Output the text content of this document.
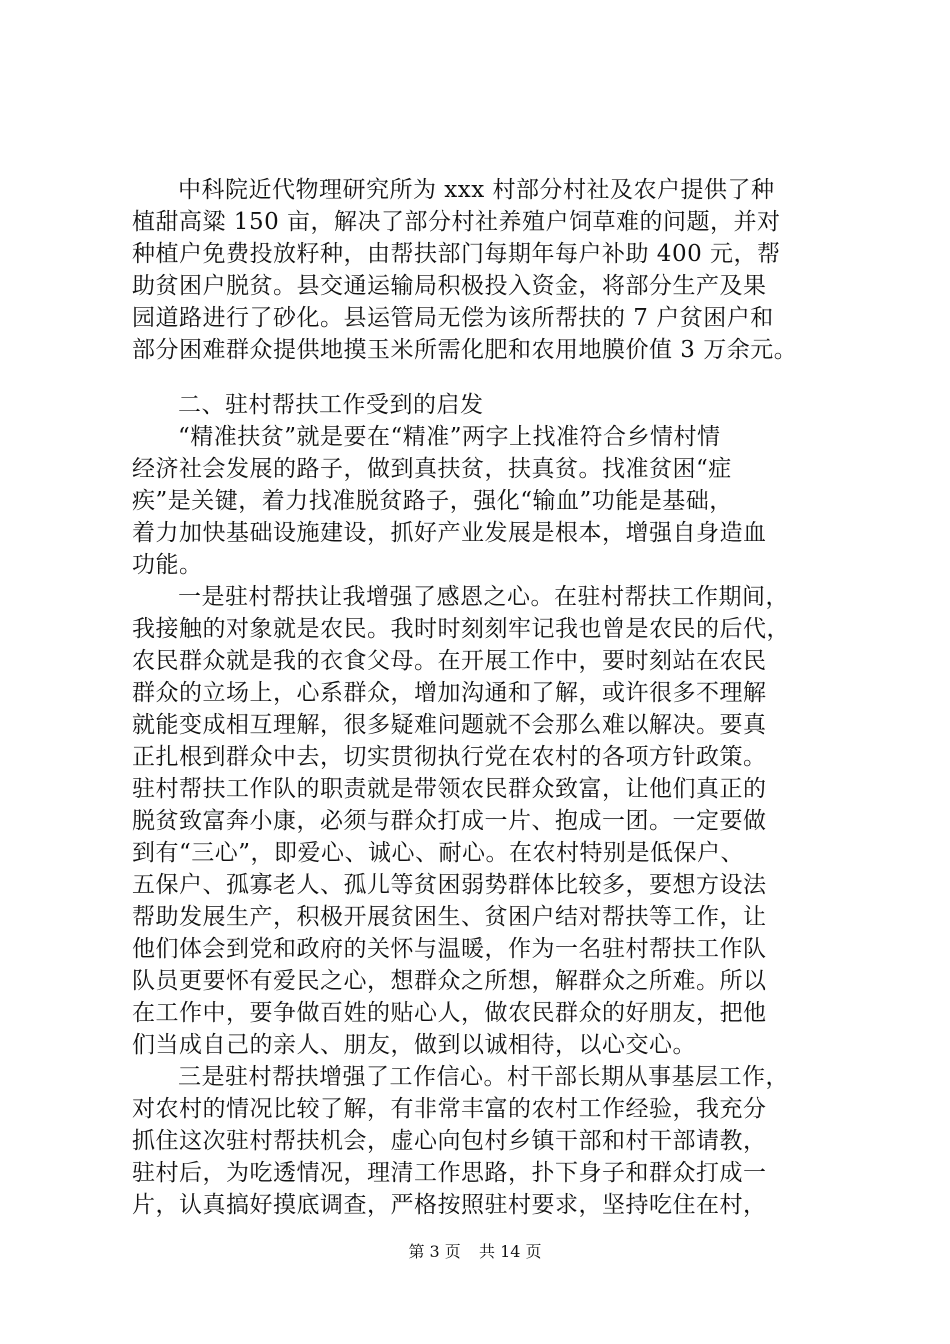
中科院近代物理研究所为 xxx 村部分村社及农户提供了种
植甜高粱 150 亩，解决了部分村社养殖户饲草难的问题，并对
种植户免费投放籽种，由帮扶部门每期年每户补助 400 元，帮
助贫困户脱贫。县交通运输局积极投入资金，将部分生产及果
园道路进行了砂化。县运管局无偿为该所帮扶的 7 户贫困户和
部分困难群众提供地摸玉米所需化肥和农用地膜价值 3 万余元。
二、驻村帮扶工作受到的启发
“精准扶贫”就是要在“精准”两字上找准符合乡情村情
经济社会发展的路子，做到真扶贫，扶真贫。找准贫困“症
疾”是关键，着力找准脱贫路子，强化“输血”功能是基础，
着力加快基础设施建设，抓好产业发展是根本，增强自身造血
功能。
一是驻村帮扶让我增强了感恩之心。在驻村帮扶工作期间，
我接触的对象就是农民。我时时刻刻牢记我也曾是农民的后代，
农民群众就是我的衣食父母。在开展工作中，要时刻站在农民
群众的立场上，心系群众，增加沟通和了解，或许很多不理解
就能变成相互理解，很多疑难问题就不会那么难以解决。要真
正扎根到群众中去，切实贯彻执行党在农村的各项方针政策。
驻村帮扶工作队的职责就是带领农民群众致富，让他们真正的
脱贫致富奔小康，必须与群众打成一片、抱成一团。一定要做
到有“三心”，即爱心、诚心、耐心。在农村特别是低保户、
五保户、孤寡老人、孤儿等贫困弱势群体比较多，要想方设法
帮助发展生产，积极开展贫困生、贫困户结对帮扶等工作，让
他们体会到党和政府的关怀与温暖，作为一名驻村帮扶工作队
队员更要怀有爱民之心，想群众之所想，解群众之所难。所以
在工作中，要争做百姓的贴心人，做农民群众的好朋友，把他
们当成自己的亲人、朋友，做到以诚相待，以心交心。
三是驻村帮扶增强了工作信心。村干部长期从事基层工作，
对农村的情况比较了解，有非常丰富的农村工作经验，我充分
抓住这次驻村帮扶机会，虚心向包村乡镇干部和村干部请教，
驻村后，为吃透情况，理清工作思路，扑下身子和群众打成一
片，认真搞好摸底调查，严格按照驻村要求，坚持吃住在村，
第 3 页 共 14 页
